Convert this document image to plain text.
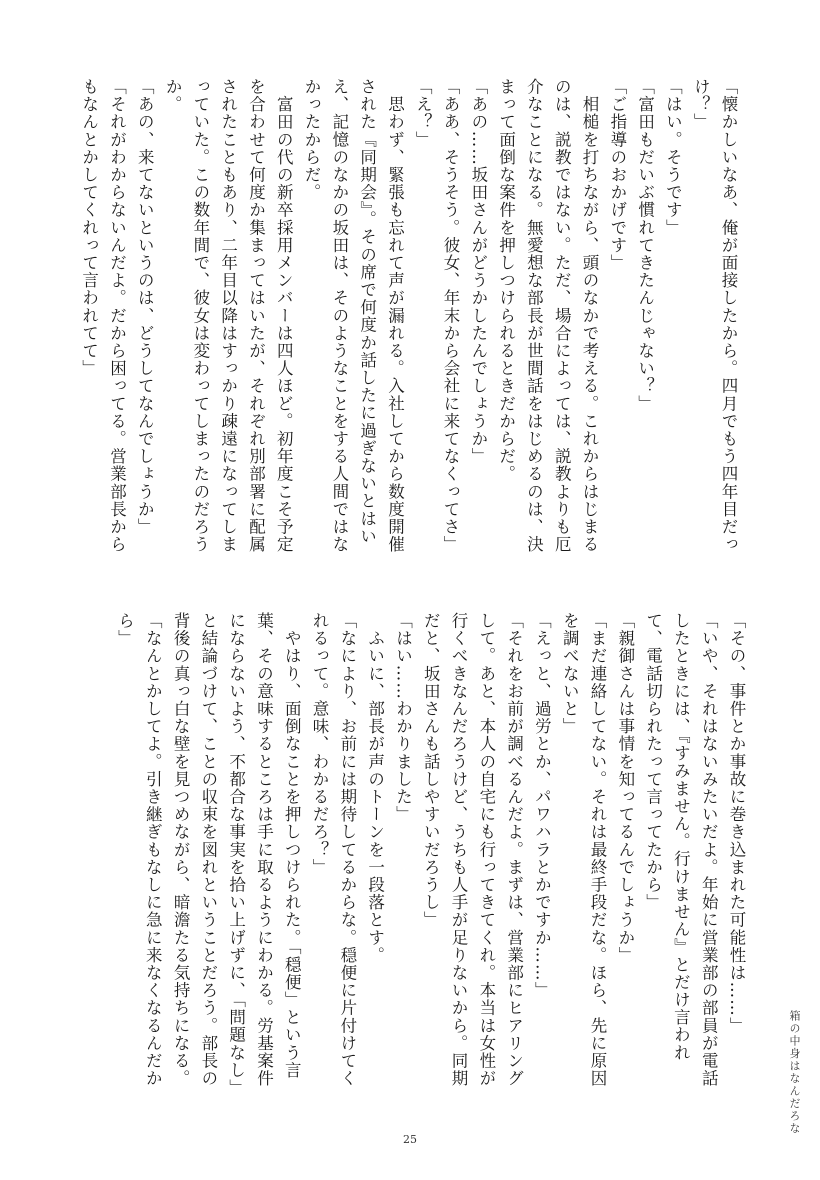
「懐かしいなあ、俺が面接したから。四月でもう四年目だっ
け？」
「はい。そうです」
「富田もだいぶ慣れてきたんじゃない？」
「ご指導のおかげです」
　相槌を打ちながら、頭のなかで考える。これからはじまる
のは、説教ではない。ただ、場合によっては、説教よりも厄
介なことになる。無愛想な部長が世間話をはじめるのは、決
まって面倒な案件を押しつけられるときだからだ。
「あの……坂田さんがどうかしたんでしょうか」
「ああ、そうそう。彼女、年末から会社に来てなくってさ」
「え？」
　思わず、緊張も忘れて声が漏れる。入社してから数度開催
された『同期会』。その席で何度か話したに過ぎないとはい
え、記憶のなかの坂田は、そのようなことをする人間ではな
かったからだ。
　富田の代の新卒採用メンバーは四人ほど。初年度こそ予定
を合わせて何度か集まってはいたが、それぞれ別部署に配属
されたこともあり、二年目以降はすっかり疎遠になってしま
っていた。この数年間で、彼女は変わってしまったのだろう
か。
「あの、来てないというのは、どうしてなんでしょうか」
「それがわからないんだよ。だから困ってる。営業部長から
もなんとかしてくれって言われてて」
「その、事件とか事故に巻き込まれた可能性は……」
「いや、それはないみたいだよ。年始に営業部の部員が電話
したときには、『すみません。行けません』とだけ言われ
て、電話切られたって言ってたから」
「親御さんは事情を知ってるんでしょうか」
「まだ連絡してない。それは最終手段だな。ほら、先に原因
を調べないと」
「えっと、過労とか、パワハラとかですか……」
「それをお前が調べるんだよ。まずは、営業部にヒアリング
して。あと、本人の自宅にも行ってきてくれ。本当は女性が
行くべきなんだろうけど、うちも人手が足りないから。同期
だと、坂田さんも話しやすいだろうし」
「はい……わかりました」
　ふいに、部長が声のトーンを一段落とす。
「なにより、お前には期待してるからな。穏便に片付けてく
れるって。意味、わかるだろ？」
　やはり、面倒なことを押しつけられた。「穏便」という言
葉、その意味するところは手に取るようにわかる。労基案件
にならないよう、不都合な事実を拾い上げずに、「問題なし」
と結論づけて、ことの収束を図れということだろう。部長の
背後の真っ白な壁を見つめながら、暗澹たる気持ちになる。
「なんとかしてよ。引き継ぎもなしに急に来なくなるんだか
ら」
箱の中身はなんだろな
25
